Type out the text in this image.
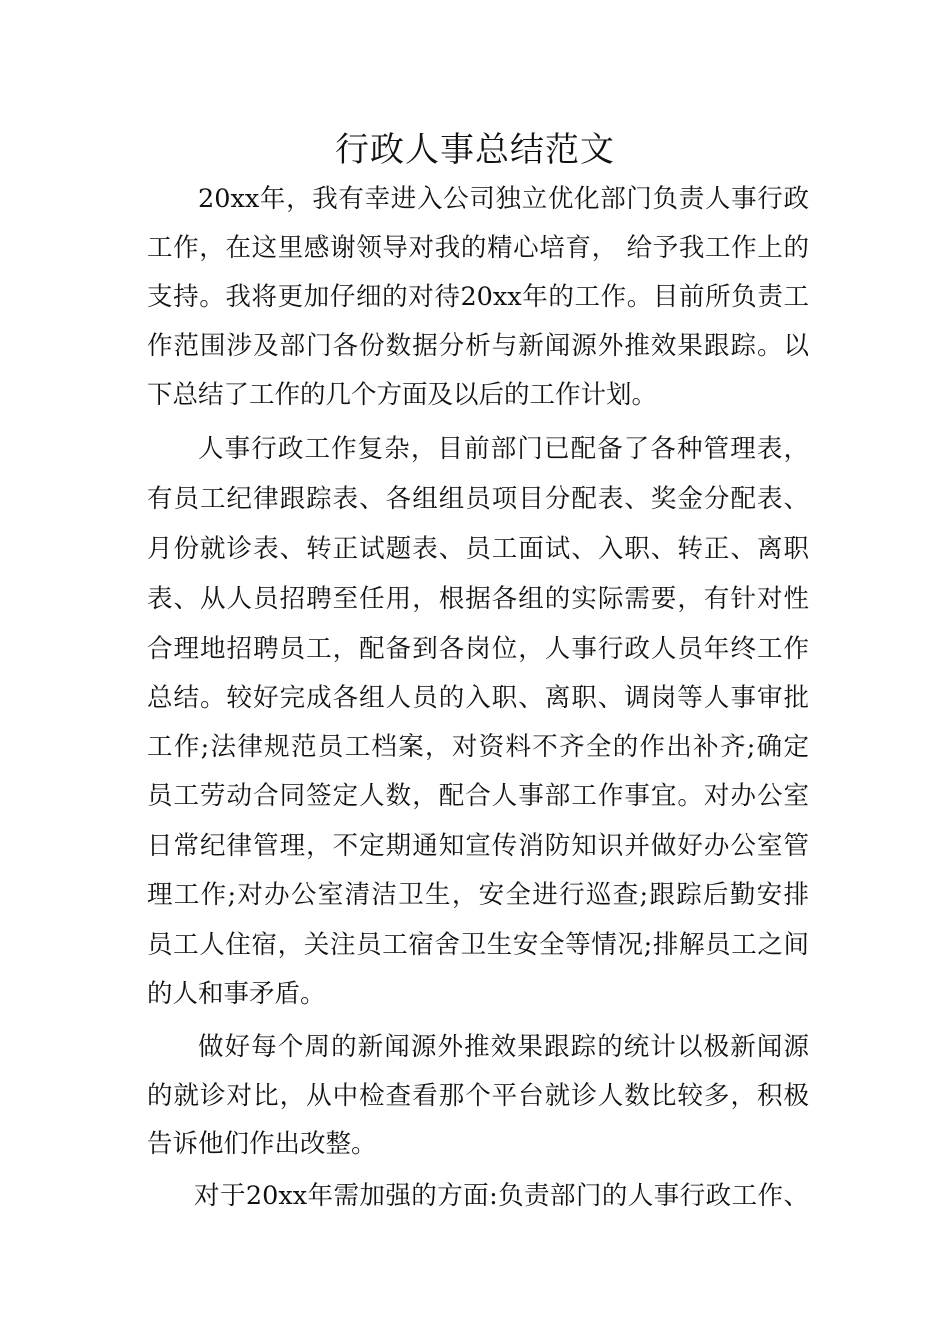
行政人事总结范文
20xx年，我有幸进入公司独立优化部门负责人事行政
工作，在这里感谢领导对我的精心培育， 给予我工作上的
支持。我将更加仔细的对待20xx年的工作。目前所负责工
作范围涉及部门各份数据分析与新闻源外推效果跟踪。以
下总结了工作的几个方面及以后的工作计划。
人事行政工作复杂，目前部门已配备了各种管理表，
有员工纪律跟踪表、各组组员项目分配表、奖金分配表、
月份就诊表、转正试题表、员工面试、入职、转正、离职
表、从人员招聘至任用，根据各组的实际需要，有针对性
合理地招聘员工，配备到各岗位，人事行政人员年终工作
总结。较好完成各组人员的入职、离职、调岗等人事审批
工作;法律规范员工档案，对资料不齐全的作出补齐;确定
员工劳动合同签定人数，配合人事部工作事宜。对办公室
日常纪律管理，不定期通知宣传消防知识并做好办公室管
理工作;对办公室清洁卫生，安全进行巡查;跟踪后勤安排
员工人住宿，关注员工宿舍卫生安全等情况;排解员工之间
的人和事矛盾。
做好每个周的新闻源外推效果跟踪的统计以极新闻源
的就诊对比，从中检查看那个平台就诊人数比较多，积极
告诉他们作出改整。
对于20xx年需加强的方面:负责部门的人事行政工作、
